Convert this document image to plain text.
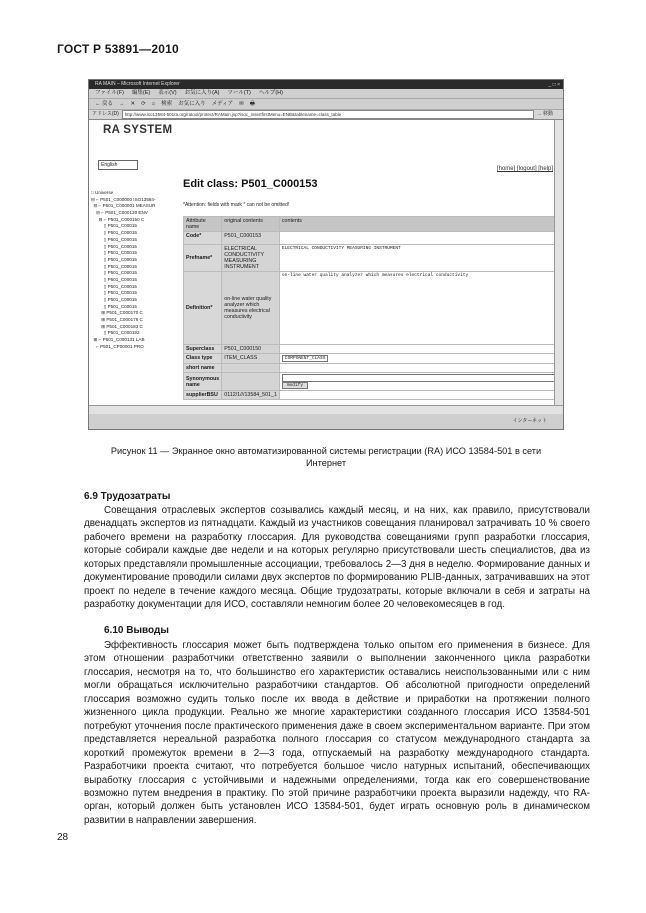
ГОСТ Р 53891—2010
RA MAIN – Microsoft Internet Explorer	_ □ ×
ファイル(F) 編集(E) 表示(V) お気に入り(A) ツール(T) ヘルプ(H)
← 戻る → ✕ ⟳ ⌂ 検索 お気に入り メディア ✉ 🖶
アドレス(D)	http://www.iso13584-501ra.org/ratool/protect/RAMain.jsp?isoc_insertfirstMenu=ENB&tablename=class_table	→ 移動
RA SYSTEM
English
[home] [logout] [help]
□ Universe
⊟ ⌐ P501_C000000 ISO13584-
⊟ ⌐ P501_C000001 MEASUR
⊟ ⌐ P501_C000130 ENV
⊟ ⌐ P501_C000150 C
▯ P501_C00015
▯ P501_C00015
▯ P501_C00015
▯ P501_C00015
▯ P501_C00015
▯ P501_C00015
▯ P501_C00015
▯ P501_C00015
▯ P501_C00015
▯ P501_C00015
▯ P501_C00015
▯ P501_C00015
▯ P501_C00015
⊞ P501_C000170 C
⊞ P501_C000176 C
⊞ P501_C000183 C
▯ P501_C000192
⊞ ⌐ P501_C000131 LAB
⌐ P501_CP00001 PRO
Edit class: P501_C000153
*Attention: fields with mark * can not be omitted!
Attribute name	original contents	contents
Code*	P501_C000153	
Prefname*	ELECTRICAL CONDUCTIVITY MEASURING INSTRUMENT	ELECTRICAL CONDUCTIVITY MEASURING INSTRUMENT
Definition*	on-line water quality analyzer which measures electrical conductivity	on-line water quality analyzer which measures electrical conductivity
Superclass	P501_C000150	
Class type	ITEM_CLASS	COMPONENT_CLASS
short name		
Synonymous name		modify
supplierBSU	0112/1///13584_501_1	
インターネット
Рисунок 11 — Экранное окно автоматизированной системы регистрации (RA) ИСО 13584-501 в сети Интернет
6.9 Трудозатраты

Совещания отраслевых экспертов созывались каждый месяц, и на них, как правило, присутствовали двенадцать экспертов из пятнадцати. Каждый из участников совещания планировал затрачивать 10 % своего рабочего времени на разработку глоссария. Для руководства совещаниями групп разработки глоссария, которые собирали каждые две недели и на которых регулярно присутствовали шесть специалистов, два из которых представляли промышленные ассоциации, требовалось 2—3 дня в неделю. Формирование данных и документирование проводили силами двух экспертов по формированию PLIB-данных, затрачивавших на этот проект по неделе в течение каждого месяца. Общие трудозатраты, которые включали в себя и затраты на разработку документации для ИСО, составляли немногим более 20 человекомесяцев в год.

6.10 Выводы

Эффективность глоссария может быть подтверждена только опытом его применения в бизнесе. Для этом отношении разработчики ответственно заявили о выполнении законченного цикла разработки глоссария, несмотря на то, что большинство его характеристик оставались неиспользованными или с ним могли обращаться исключительно разработчики стандартов. Об абсолютной пригодности определений глоссария возможно судить только после их ввода в действие и приработки на протяжении полного жизненного цикла продукции. Реально же многие характеристики созданного глоссария ИСО 13584-501 потребуют уточнения после практического применения даже в своем экспериментальном варианте. При этом представляется нереальной разработка полного глоссария со статусом международного стандарта за короткий промежуток времени в 2—3 года, отпускаемый на разработку международного стандарта. Разработчики проекта считают, что потребуется большое число натурных испытаний, обеспечивающих выработку глоссария с устойчивыми и надежными определениями, тогда как его совершенствование возможно путем внедрения в практику. По этой причине разработчики проекта выразили надежду, что RA-орган, который должен быть установлен ИСО 13584-501, будет играть основную роль в динамическом развитии в направлении завершения.

28
